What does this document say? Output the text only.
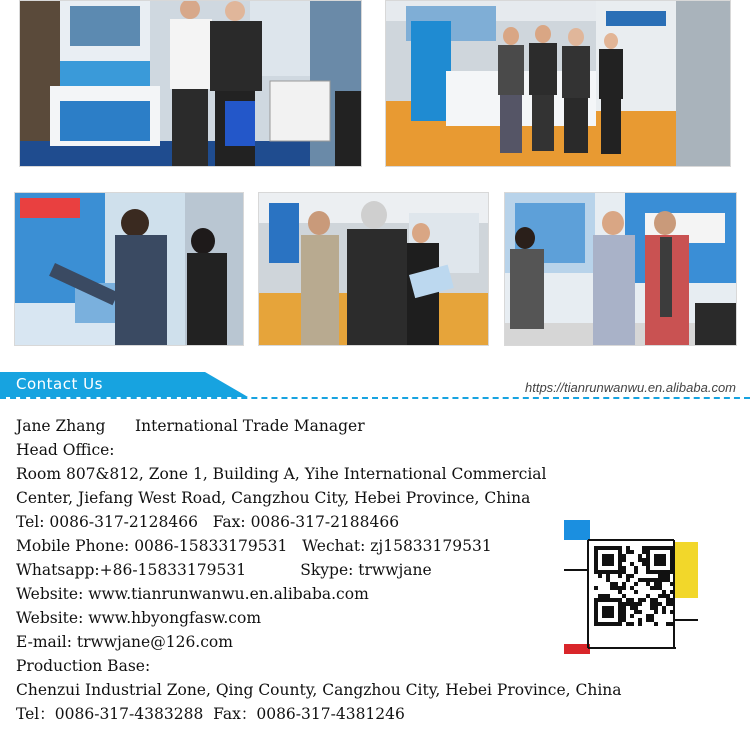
Contact Us	https://tianrunwanwu.en.alibaba.com
Jane Zhang      International Trade Manager
Head Office:
Room 807&812, Zone 1, Building A, Yihe International Commercial
Center, Jiefang West Road, Cangzhou City, Hebei Province, China
Tel: 0086-317-2128466   Fax: 0086-317-2188466
Mobile Phone: 0086-15833179531   Wechat: zj15833179531
Whatsapp:+86-15833179531           Skype: trwwjane
Website: www.tianrunwanwu.en.alibaba.com
Website: www.hbyongfasw.com
E-mail: trwwjane@126.com
Production Base:
Chenzui Industrial Zone, Qing County, Cangzhou City, Hebei Province, China
Tel：0086-317-4383288  Fax：0086-317-4381246
